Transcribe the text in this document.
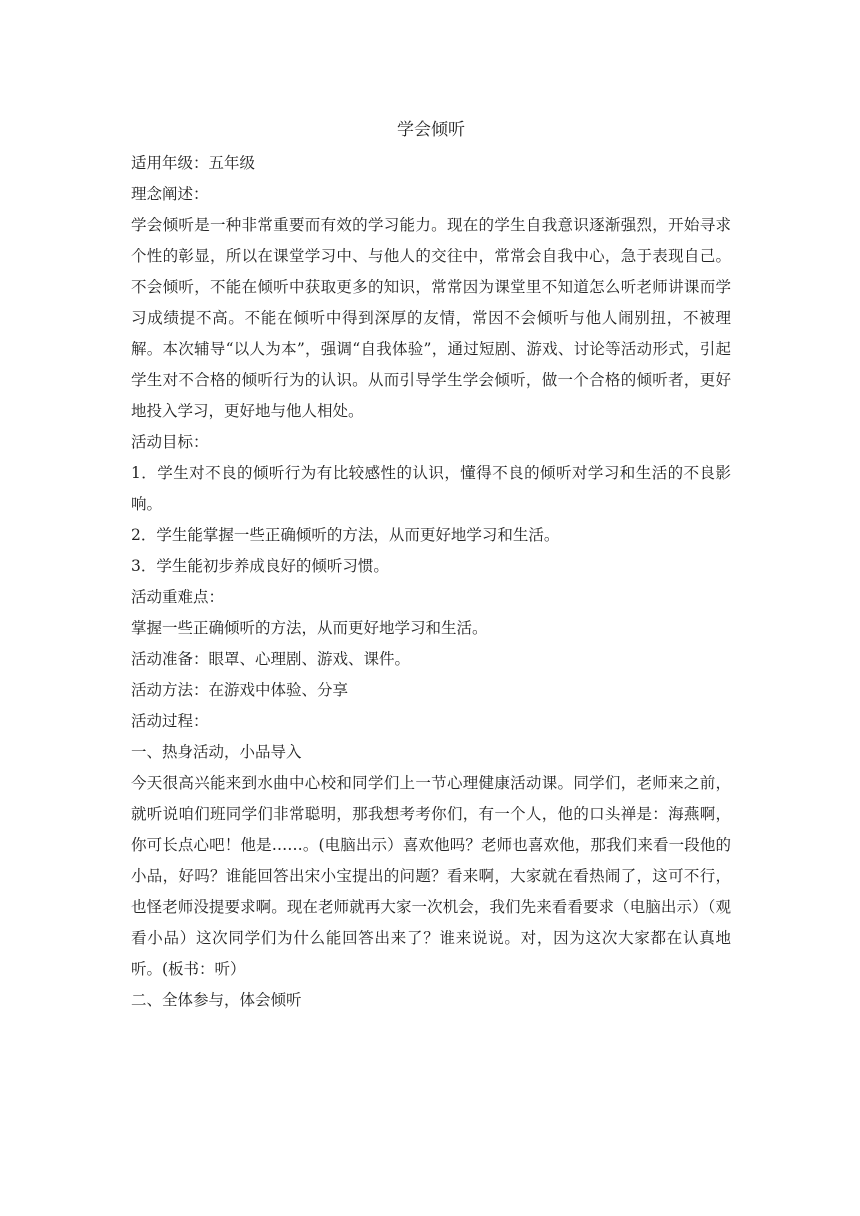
学会倾听

适用年级：五年级

理念阐述：

学会倾听是一种非常重要而有效的学习能力。现在的学生自我意识逐渐强烈，开始寻求个性的彰显，所以在课堂学习中、与他人的交往中，常常会自我中心，急于表现自己。不会倾听，不能在倾听中获取更多的知识，常常因为课堂里不知道怎么听老师讲课而学习成绩提不高。不能在倾听中得到深厚的友情，常因不会倾听与他人闹别扭，不被理解。本次辅导“以人为本”，强调“自我体验”，通过短剧、游戏、讨论等活动形式，引起学生对不合格的倾听行为的认识。从而引导学生学会倾听，做一个合格的倾听者，更好地投入学习，更好地与他人相处。

活动目标：

1．学生对不良的倾听行为有比较感性的认识，懂得不良的倾听对学习和生活的不良影响。

2．学生能掌握一些正确倾听的方法，从而更好地学习和生活。

3．学生能初步养成良好的倾听习惯。

活动重难点：

掌握一些正确倾听的方法，从而更好地学习和生活。

活动准备：眼罩、心理剧、游戏、课件。

活动方法：在游戏中体验、分享

活动过程：

一、热身活动，小品导入

今天很高兴能来到水曲中心校和同学们上一节心理健康活动课。同学们，老师来之前，就听说咱们班同学们非常聪明，那我想考考你们，有一个人，他的口头禅是：海燕啊，你可长点心吧！他是……。(电脑出示）喜欢他吗？老师也喜欢他，那我们来看一段他的小品，好吗？谁能回答出宋小宝提出的问题？看来啊，大家就在看热闹了，这可不行，也怪老师没提要求啊。现在老师就再大家一次机会，我们先来看看要求（电脑出示）（观看小品）这次同学们为什么能回答出来了？谁来说说。对，因为这次大家都在认真地听。(板书：听）

二、全体参与，体会倾听
